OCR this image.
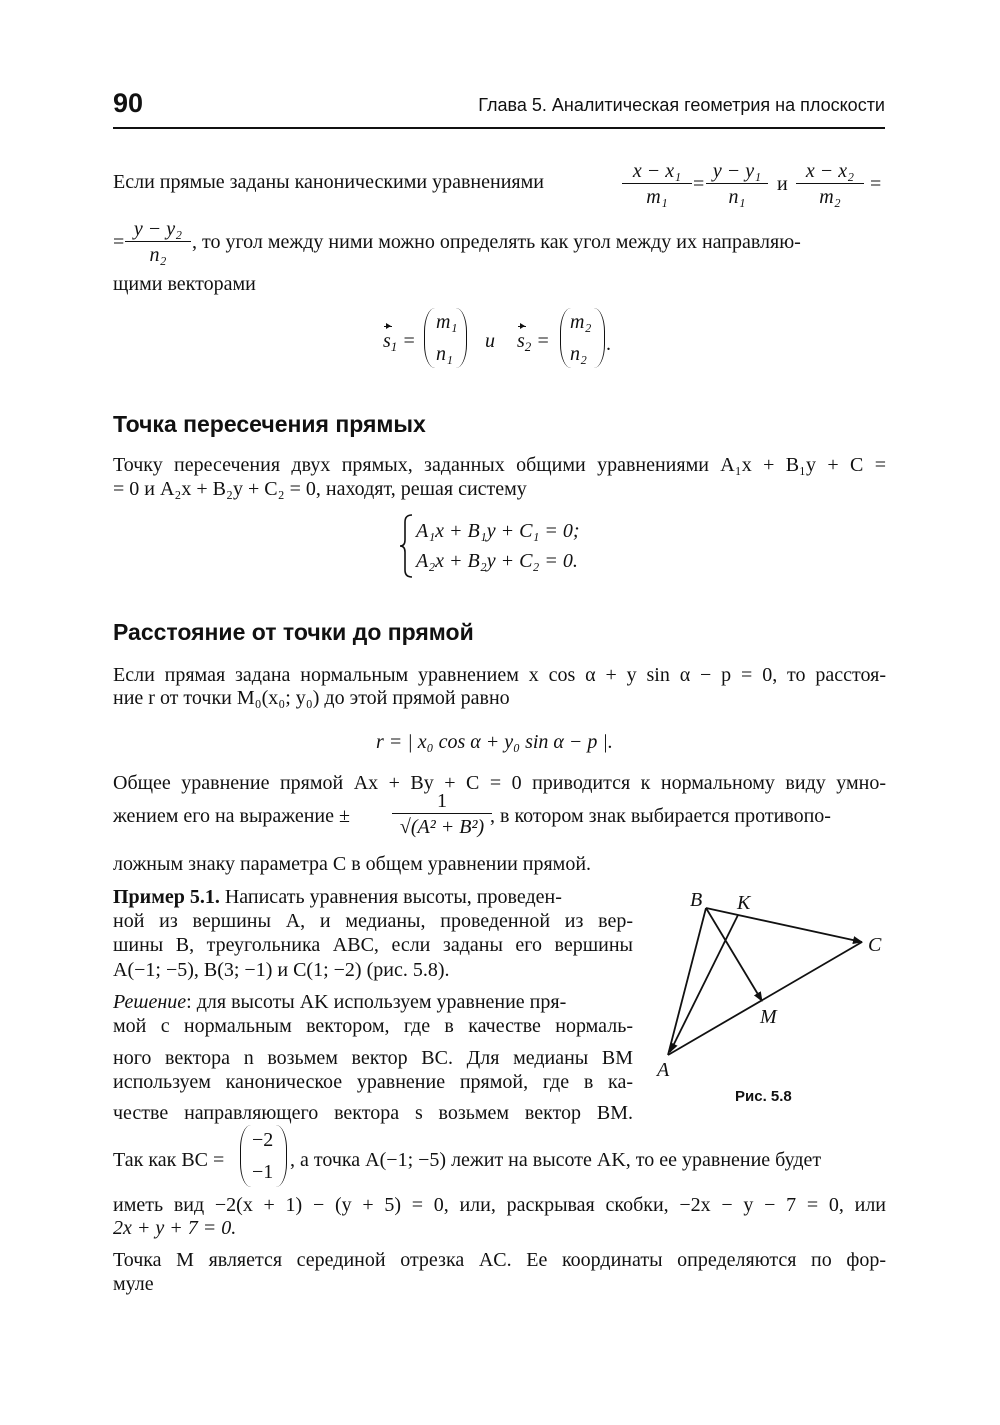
90	Глава 5. Аналитическая геометрия на плоскости
Если прямые заданы каноническими уравнениями	$\frac{\text{x − x₁}}{\text{m₁}} = \frac{\text{y − y₁}}{\text{n₁}}$ и $\frac{\text{x − x₂}}{\text{m₂}}$ =
= $\frac{\text{y − y₂}}{\text{n₂}}$ , то угол между ними можно определять как угол между их направляю-
щими векторами
$s_1$ =
m₁
n₁
и $s_2$ =
m₂
n₂ .
Точка пересечения прямых
Точку пересечения двух прямых, заданных общими уравнениями A₁x + B₁y + C =
= 0 и A₂x + B₂y + C₂ = 0, находят, решая систему
A₁x + B₁y + C₁ = 0;
A₂x + B₂y + C₂ = 0.
Расстояние от точки до прямой
Если прямая задана нормальным уравнением x cos α + y sin α − p = 0, то расстоя-
ние r от точки M₀(x₀; y₀) до этой прямой равно
r = | x₀ cos α + y₀ sin α − p |.
Общее уравнение прямой Ax + By + C = 0 приводится к нормальному виду умно-
жением его на выражение ± $\frac{1}{\text{√(A² + B²)}}$
, в котором знак выбирается противопо-
ложным знаку параметра C в общем уравнении прямой.
Пример 5.1. Написать уравнения высоты, проведен-
ной из вершины A, и медианы, проведенной из вер-
шины B, треугольника ABC, если заданы его вершины
A(−1; −5), B(3; −1) и C(1; −2) (рис. 5.8).
Решение: для высоты AK используем уравнение пря-
мой с нормальным вектором, где в качестве нормаль-
ного вектора n возьмем вектор BC. Для медианы BM
используем каноническое уравнение прямой, где в ка-
честве направляющего вектора s возьмем вектор BM.
B K
C
M
A
Рис. 5.8
Так как BC =
−2
−1
, а точка A(−1; −5) лежит на высоте AK, то ее уравнение будет
иметь вид −2(x + 1) − (y + 5) = 0, или, раскрывая скобки, −2x − y − 7 = 0, или
2x + y + 7 = 0.
Точка M является серединой отрезка AC. Ее координаты определяются по фор-
муле
